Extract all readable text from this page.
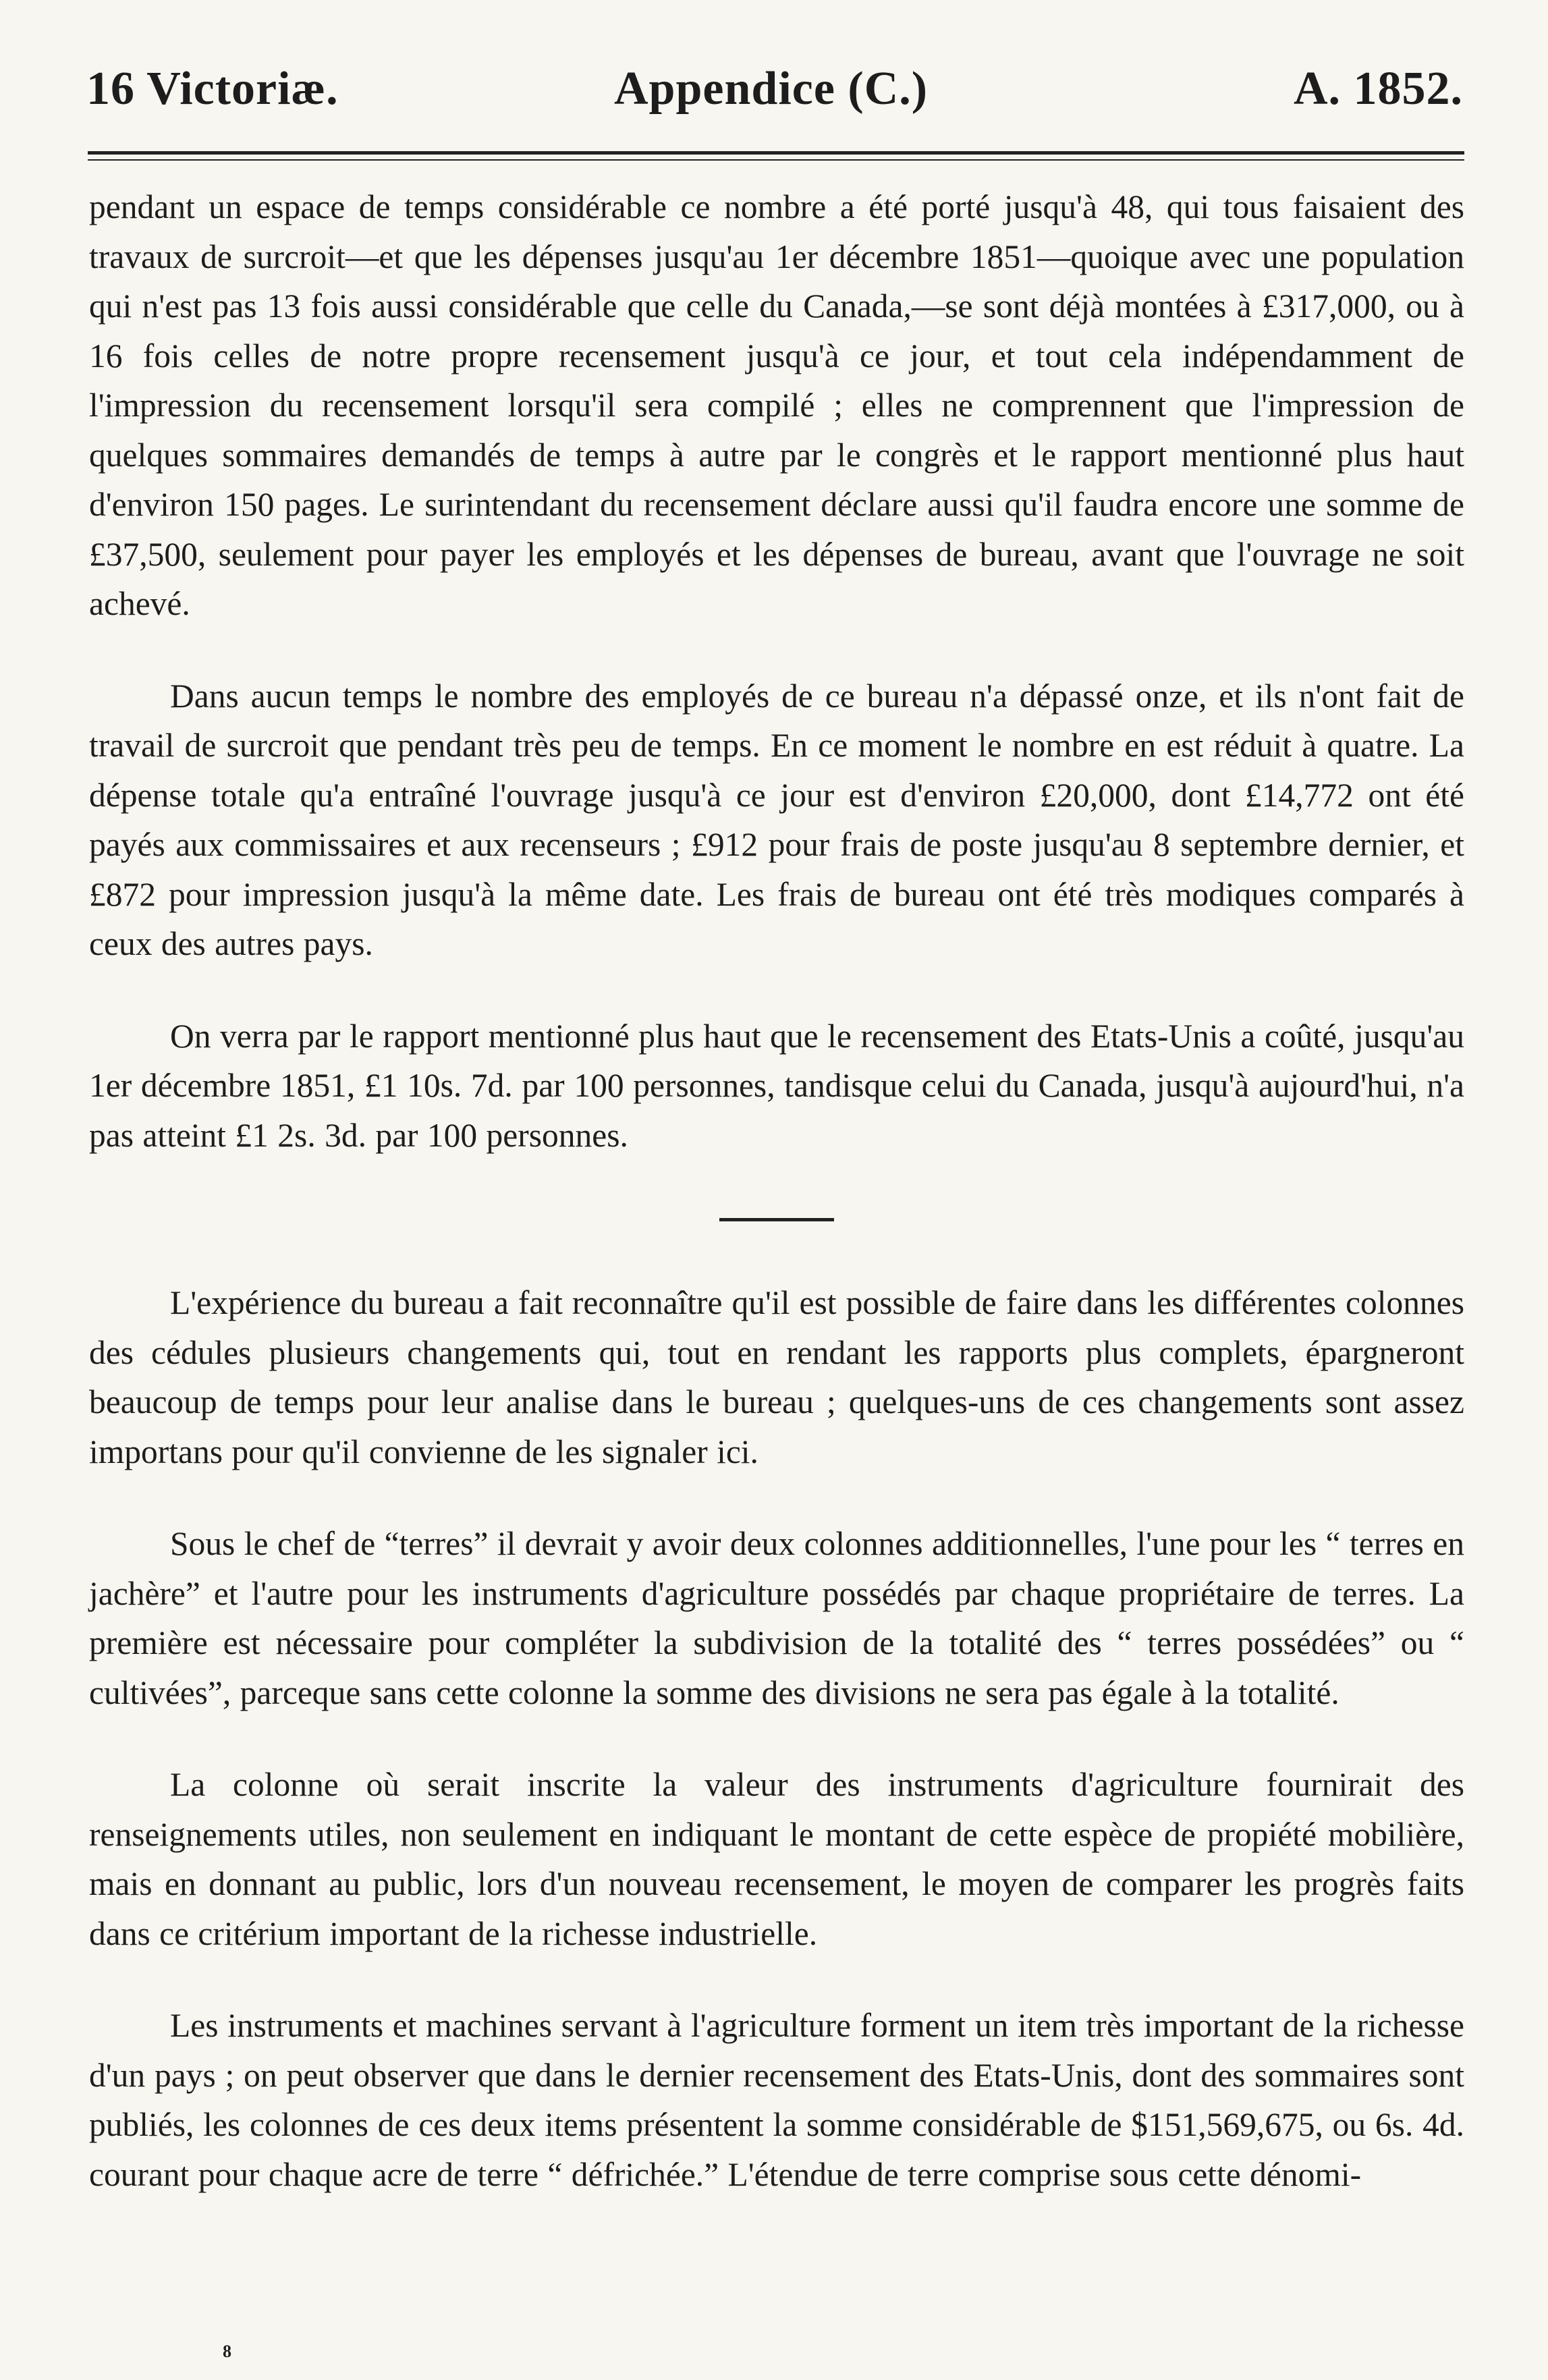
16 Victoriæ.	Appendice (C.)	A. 1852.

pendant un espace de temps considérable ce nombre a été porté jusqu'à 48, qui tous faisaient des travaux de surcroit—et que les dépenses jusqu'au 1er décembre 1851—quoique avec une population qui n'est pas 13 fois aussi considérable que celle du Canada,—se sont déjà montées à £317,000, ou à 16 fois celles de notre propre recensement jusqu'à ce jour, et tout cela indépendamment de l'impression du recensement lorsqu'il sera compilé ; elles ne comprennent que l'impression de quelques sommaires demandés de temps à autre par le congrès et le rapport mentionné plus haut d'environ 150 pages. Le surintendant du recensement déclare aussi qu'il faudra encore une somme de £37,500, seulement pour payer les employés et les dépenses de bureau, avant que l'ouvrage ne soit achevé.

Dans aucun temps le nombre des employés de ce bureau n'a dépassé onze, et ils n'ont fait de travail de surcroit que pendant très peu de temps. En ce moment le nombre en est réduit à quatre. La dépense totale qu'a entraîné l'ouvrage jusqu'à ce jour est d'environ £20,000, dont £14,772 ont été payés aux commissaires et aux recenseurs ; £912 pour frais de poste jusqu'au 8 septembre dernier, et £872 pour impression jusqu'à la même date. Les frais de bureau ont été très modiques comparés à ceux des autres pays.

On verra par le rapport mentionné plus haut que le recensement des Etats-Unis a coûté, jusqu'au 1er décembre 1851, £1 10s. 7d. par 100 personnes, tandisque celui du Canada, jusqu'à aujourd'hui, n'a pas atteint £1 2s. 3d. par 100 personnes.

L'expérience du bureau a fait reconnaître qu'il est possible de faire dans les différentes colonnes des cédules plusieurs changements qui, tout en rendant les rapports plus complets, épargneront beaucoup de temps pour leur analise dans le bureau ; quelques-uns de ces changements sont assez importans pour qu'il convienne de les signaler ici.

Sous le chef de “terres” il devrait y avoir deux colonnes additionnelles, l'une pour les “ terres en jachère” et l'autre pour les instruments d'agriculture possédés par chaque propriétaire de terres. La première est nécessaire pour compléter la subdivision de la totalité des “ terres possédées” ou “ cultivées”, parceque sans cette colonne la somme des divisions ne sera pas égale à la totalité.

La colonne où serait inscrite la valeur des instruments d'agriculture fournirait des renseignements utiles, non seulement en indiquant le montant de cette espèce de propiété mobilière, mais en donnant au public, lors d'un nouveau recensement, le moyen de comparer les progrès faits dans ce critérium important de la richesse industrielle.

Les instruments et machines servant à l'agriculture forment un item très important de la richesse d'un pays ; on peut observer que dans le dernier recensement des Etats-Unis, dont des sommaires sont publiés, les colonnes de ces deux items présentent la somme considérable de $151,569,675, ou 6s. 4d. courant pour chaque acre de terre “ défrichée.” L'étendue de terre comprise sous cette dénomi-

8
